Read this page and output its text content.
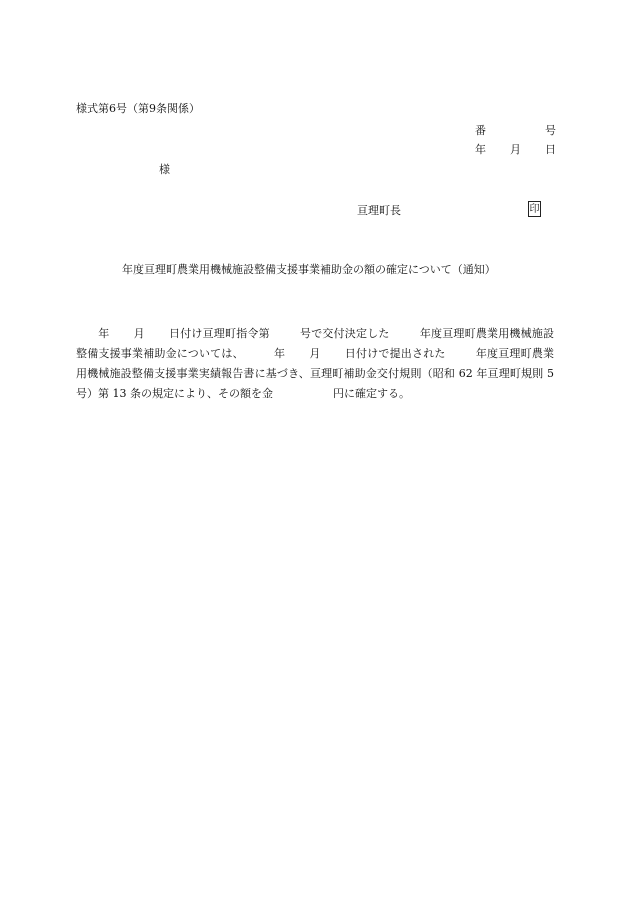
様式第6号（第9条関係）
番	号
年 月 日
様
亘理町長	印
年度亘理町農業用機械施設整備支援事業補助金の額の確定について（通知）
年 月 日付け亘理町指令第	号で交付決定した	年度亘理町農業用機械施設整備支援事業補助金については、	年 月 日付けで提出された	年度亘理町農業用機械施設整備支援事業実績報告書に基づき、亘理町補助金交付規則（昭和 62 年亘理町規則 5 号）第 13 条の規定により、その額を金	円に確定する。
